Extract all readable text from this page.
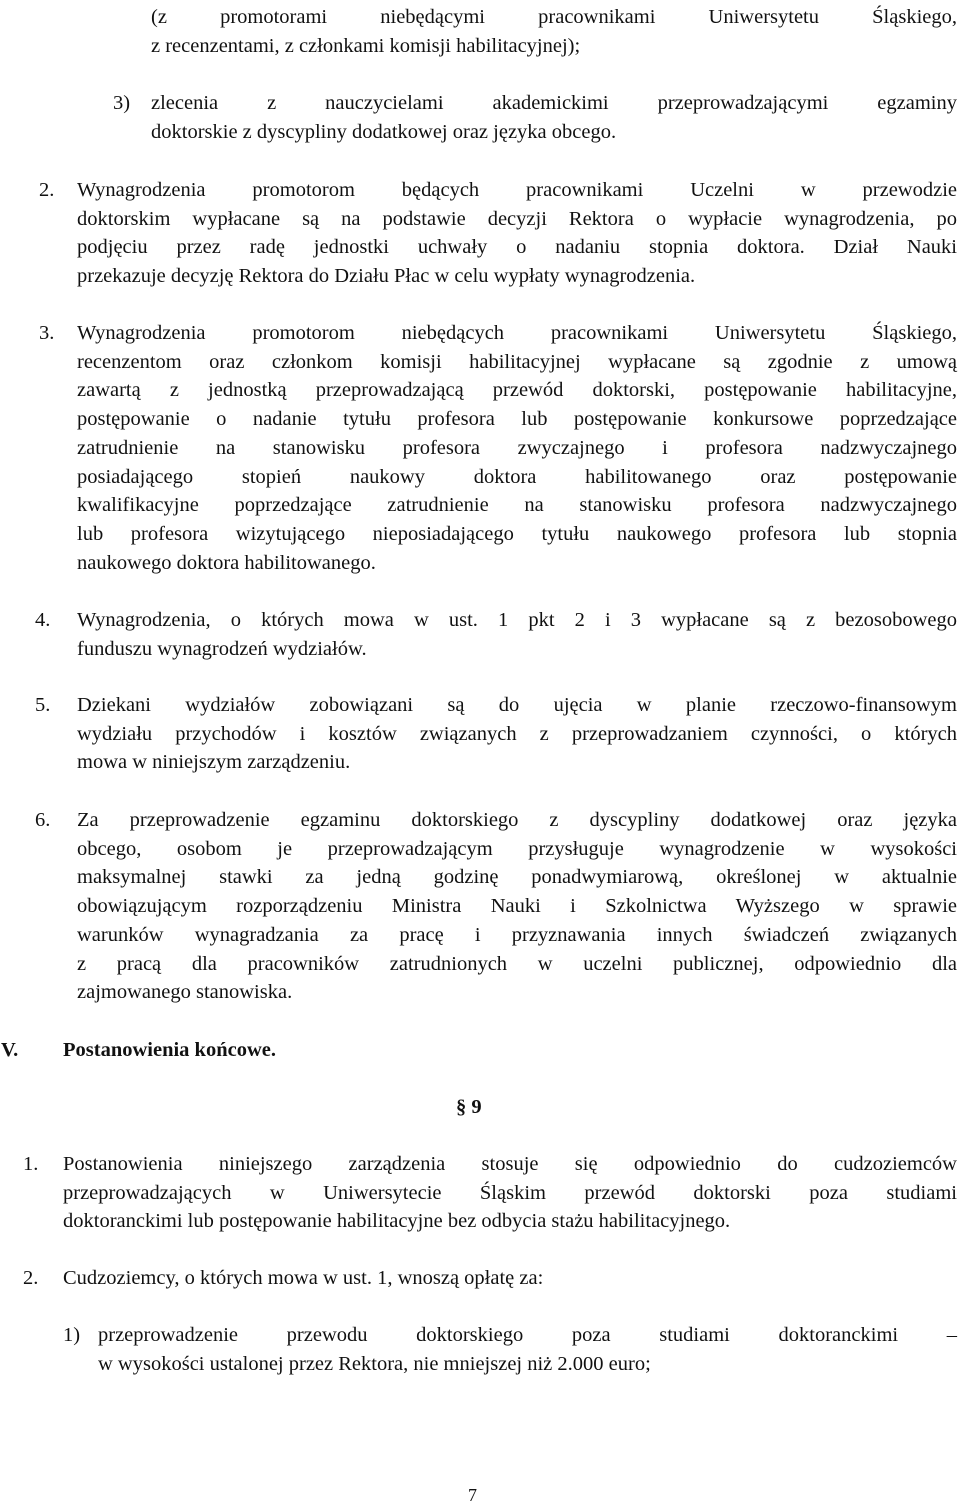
(z promotorami niebędącymi pracownikami Uniwersytetu Śląskiego,
z recenzentami, z członkami komisji habilitacyjnej);
3) zlecenia z nauczycielami akademickimi przeprowadzającymi egzaminy
doktorskie z dyscypliny dodatkowej oraz języka obcego.
2. Wynagrodzenia promotorom będących pracownikami Uczelni w przewodzie
doktorskim wypłacane są na podstawie decyzji Rektora o wypłacie wynagrodzenia, po
podjęciu przez radę jednostki uchwały o nadaniu stopnia doktora. Dział Nauki
przekazuje decyzję Rektora do Działu Płac w celu wypłaty wynagrodzenia.
3. Wynagrodzenia promotorom niebędących pracownikami Uniwersytetu Śląskiego,
recenzentom oraz członkom komisji habilitacyjnej wypłacane są zgodnie z umową
zawartą z jednostką przeprowadzającą przewód doktorski, postępowanie habilitacyjne,
postępowanie o nadanie tytułu profesora lub postępowanie konkursowe poprzedzające
zatrudnienie na stanowisku profesora zwyczajnego i profesora nadzwyczajnego
posiadającego stopień naukowy doktora habilitowanego oraz postępowanie
kwalifikacyjne poprzedzające zatrudnienie na stanowisku profesora nadzwyczajnego
lub profesora wizytującego nieposiadającego tytułu naukowego profesora lub stopnia
naukowego doktora habilitowanego.
4. Wynagrodzenia, o których mowa w ust. 1 pkt 2 i 3 wypłacane są z bezosobowego
funduszu wynagrodzeń wydziałów.
5. Dziekani wydziałów zobowiązani są do ujęcia w planie rzeczowo-finansowym
wydziału przychodów i kosztów związanych z przeprowadzaniem czynności, o których
mowa w niniejszym zarządzeniu.
6. Za przeprowadzenie egzaminu doktorskiego z dyscypliny dodatkowej oraz języka
obcego, osobom je przeprowadzającym przysługuje wynagrodzenie w wysokości
maksymalnej stawki za jedną godzinę ponadwymiarową, określonej w aktualnie
obowiązującym rozporządzeniu Ministra Nauki i Szkolnictwa Wyższego w sprawie
warunków wynagradzania za pracę i przyznawania innych świadczeń związanych
z pracą dla pracowników zatrudnionych w uczelni publicznej, odpowiednio dla
zajmowanego stanowiska.
V. Postanowienia końcowe.
§ 9
1. Postanowienia niniejszego zarządzenia stosuje się odpowiednio do cudzoziemców
przeprowadzających w Uniwersytecie Śląskim przewód doktorski poza studiami
doktoranckimi lub postępowanie habilitacyjne bez odbycia stażu habilitacyjnego.
2. Cudzoziemcy, o których mowa w ust. 1, wnoszą opłatę za:
1) przeprowadzenie przewodu doktorskiego poza studiami doktoranckimi –
w wysokości ustalonej przez Rektora, nie mniejszej niż 2.000 euro;
7
